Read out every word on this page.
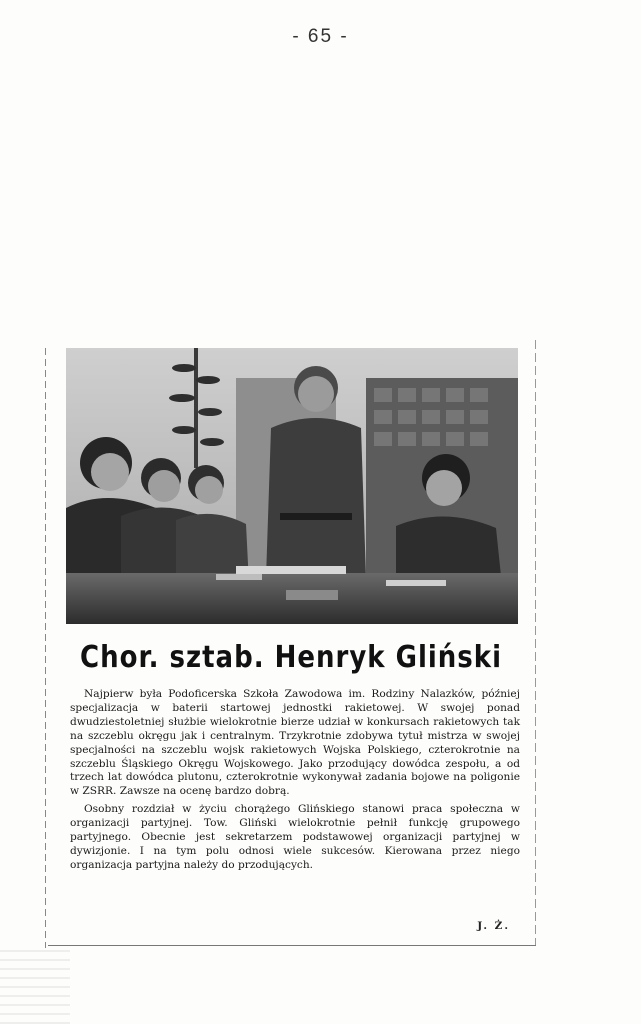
- 65 -
Chor. sztab. Henryk Gliński

Najpierw była Podoficerska Szkoła Zawodowa im. Rodziny Nalazków, później specjalizacja w baterii startowej jednostki rakietowej. W swojej ponad dwudziestoletniej służbie wielokrotnie bierze udział w konkursach rakietowych tak na szczeblu okręgu jak i centralnym. Trzykrotnie zdobywa tytuł mistrza w swojej specjalności na szczeblu wojsk rakietowych Wojska Polskiego, czterokrotnie na szczeblu Śląskiego Okręgu Wojskowego. Jako przodujący dowódca zespołu, a od trzech lat dowódca plutonu, czterokrotnie wykonywał zadania bojowe na poligonie w ZSRR. Zawsze na ocenę bardzo dobrą.

Osobny rozdział w życiu chorążego Glińskiego stanowi praca społeczna w organizacji partyjnej. Tow. Gliński wielokrotnie pełnił funkcję grupowego partyjnego. Obecnie jest sekretarzem podstawowej organizacji partyjnej w dywizjonie. I na tym polu odnosi wiele sukcesów. Kierowana przez niego organizacja partyjna należy do przodujących.

J. Ż.
